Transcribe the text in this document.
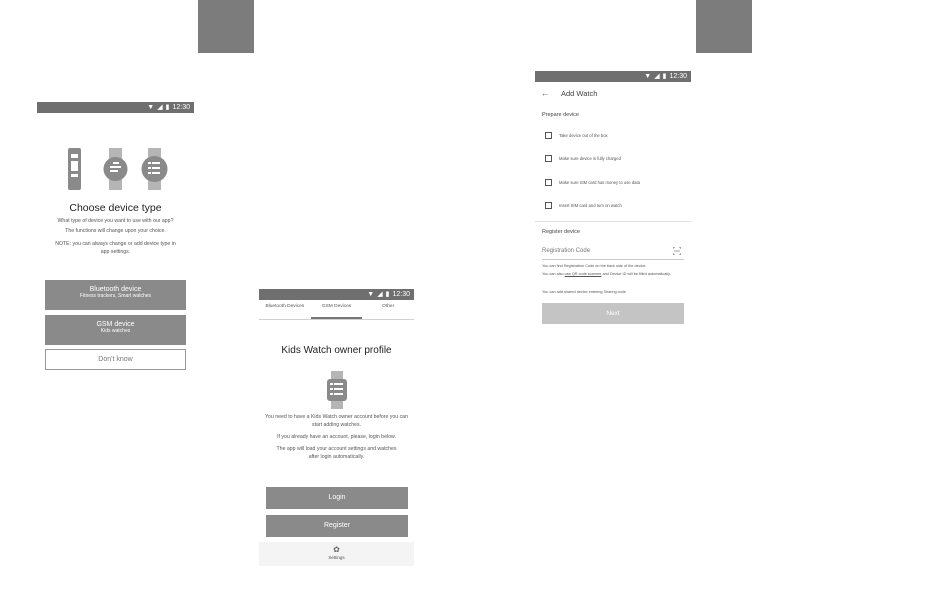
▼ ◢ ▮ 12:30
Choose device type
What type of device you want to use with our app?
The functions will change upon your choice.
NOTE: you can always change or add device type in app settings.
Bluetooth device
Fitness trackers, Smart watches
GSM device
Kids watches
Don't know
▼ ◢ ▮ 12:30
Bluetooth Devices	GSM Devices	Other
Kids Watch owner profile
You need to have a Kids Watch owner account before you can start adding watches.
If you already have an account, please, login below.
The app will load your account settings and watches after login automatically.
Login
Register
✿
Settings
▼ ◢ ▮ 12:30
←	Add Watch
Prepare device
Take device out of the box
Make sure device is fully charged
Make sure SIM card has money to use data
Insert SIM card and turn on watch
Register device
Registration Code
You can find Registration Code on the back side of the device.
You can also use QR code scanner and Device ID will be filled automatically.
You can add shared device entering Sharing code
Next
